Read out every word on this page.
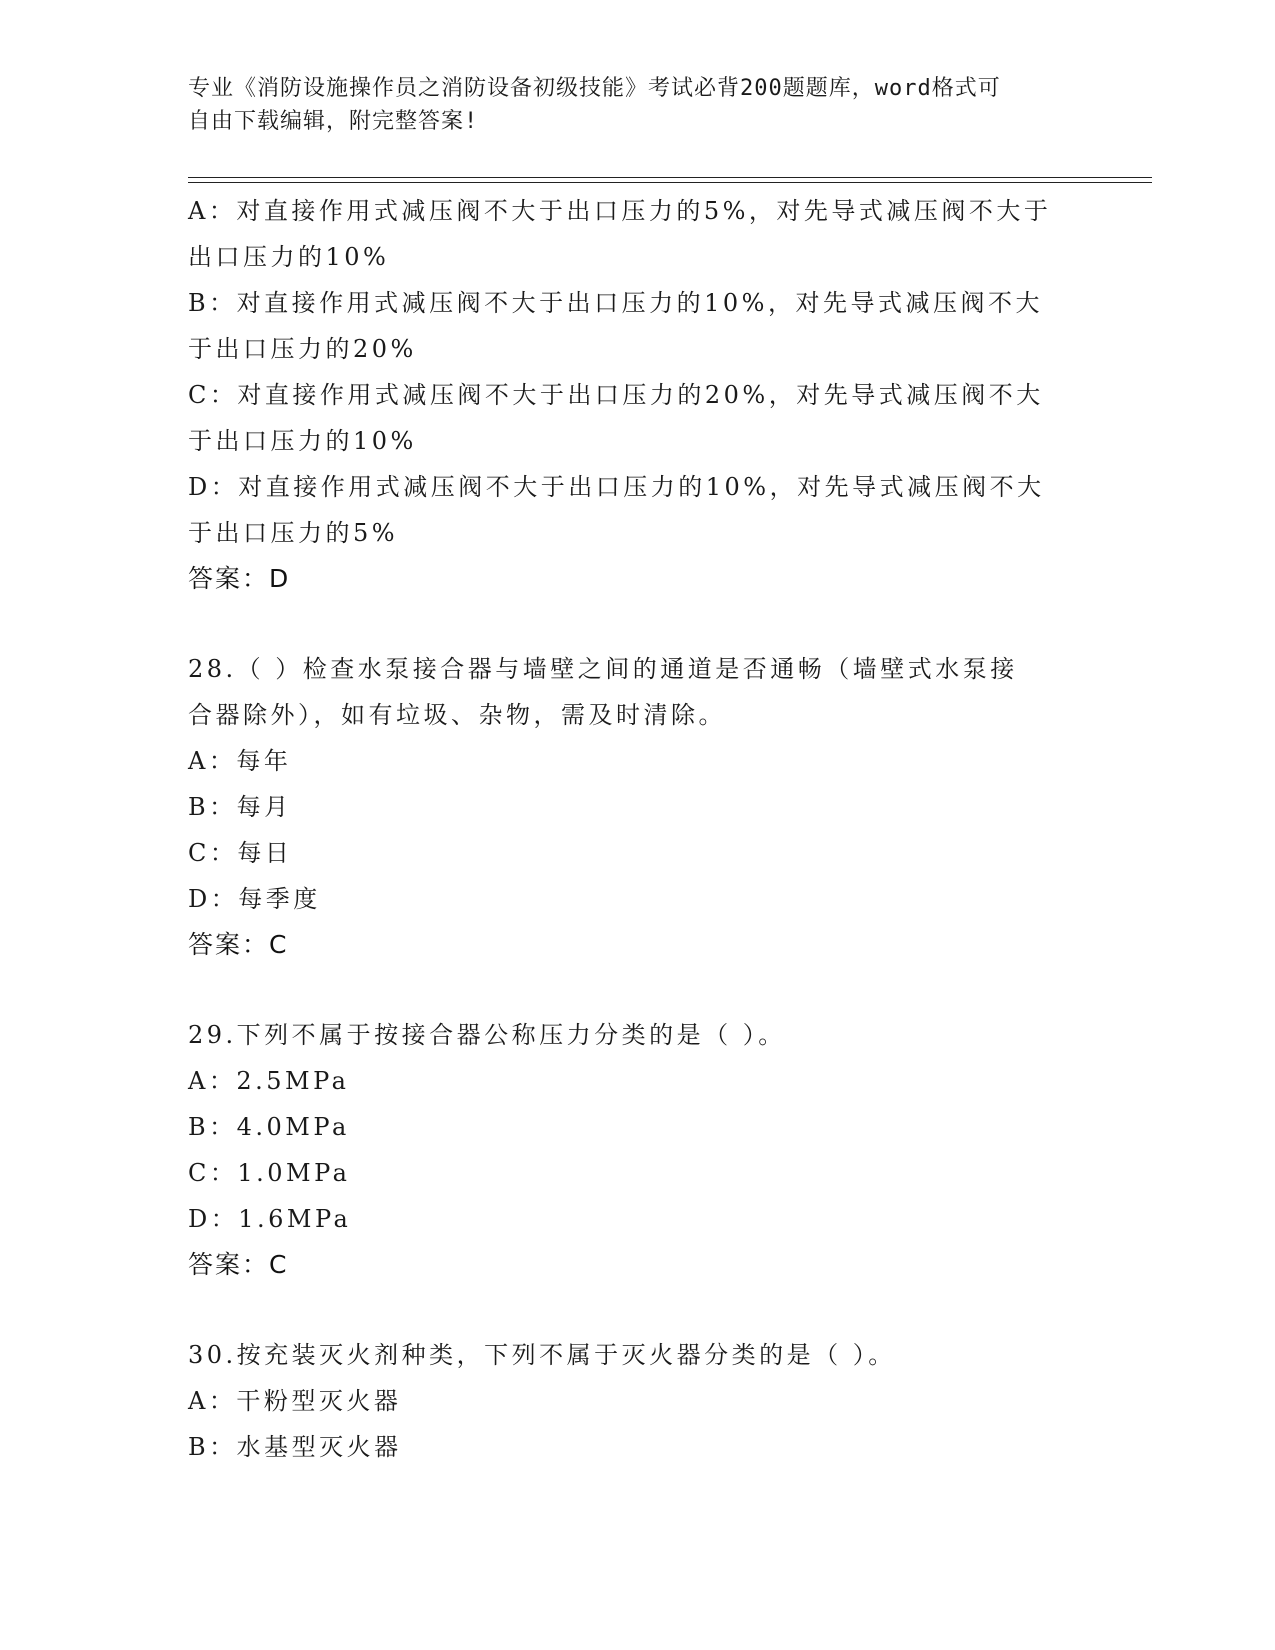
专业《消防设施操作员之消防设备初级技能》考试必背200题题库，word格式可
自由下载编辑，附完整答案!
A：对直接作用式减压阀不大于出口压力的5%，对先导式减压阀不大于
出口压力的10%
B：对直接作用式减压阀不大于出口压力的10%，对先导式减压阀不大
于出口压力的20%
C：对直接作用式减压阀不大于出口压力的20%，对先导式减压阀不大
于出口压力的10%
D：对直接作用式减压阀不大于出口压力的10%，对先导式减压阀不大
于出口压力的5%
答案：D
28.（ ）检查水泵接合器与墙壁之间的通道是否通畅（墙壁式水泵接
合器除外），如有垃圾、杂物，需及时清除。
A：每年
B：每月
C：每日
D：每季度
答案：C
29.下列不属于按接合器公称压力分类的是（ ）。
A：2.5MPa
B：4.0MPa
C：1.0MPa
D：1.6MPa
答案：C
30.按充装灭火剂种类，下列不属于灭火器分类的是（ ）。
A：干粉型灭火器
B：水基型灭火器
